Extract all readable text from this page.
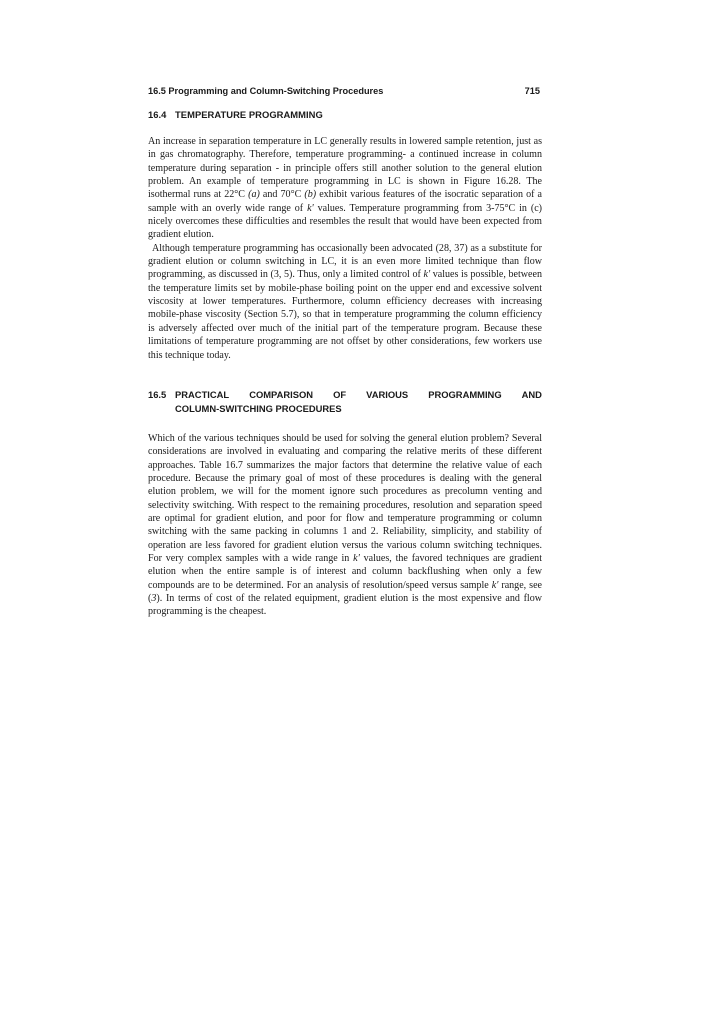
16.5 Programming and Column-Switching Procedures	715
16.4 TEMPERATURE PROGRAMMING

An increase in separation temperature in LC generally results in lowered sample retention, just as in gas chromatography. Therefore, temperature programming- a continued increase in column temperature during separation - in principle offers still another solution to the general elution problem. An example of temperature programming in LC is shown in Figure 16.28. The isothermal runs at 22°C (a) and 70°C (b) exhibit various features of the isocratic separation of a sample with an overly wide range of k' values. Temperature programming from 3-75°C in (c) nicely overcomes these difficulties and resembles the result that would have been expected from gradient elution.

Although temperature programming has occasionally been advocated (28, 37) as a substitute for gradient elution or column switching in LC, it is an even more limited technique than flow programming, as discussed in (3, 5). Thus, only a limited control of k' values is possible, between the temperature limits set by mobile-phase boiling point on the upper end and excessive solvent viscosity at lower temperatures. Furthermore, column efficiency decreases with increasing mobile-phase viscosity (Section 5.7), so that in temperature programming the column efficiency is adversely affected over much of the initial part of the temperature program. Because these limitations of temperature programming are not offset by other considerations, few workers use this technique today.

16.5 PRACTICAL COMPARISON OF VARIOUS PROGRAMMING AND
COLUMN-SWITCHING PROCEDURES

Which of the various techniques should be used for solving the general elution problem? Several considerations are involved in evaluating and comparing the relative merits of these different approaches. Table 16.7 summarizes the major factors that determine the relative value of each procedure. Because the primary goal of most of these procedures is dealing with the general elution problem, we will for the moment ignore such procedures as precolumn venting and selectivity switching. With respect to the remaining procedures, resolution and separation speed are optimal for gradient elution, and poor for flow and temperature programming or column switching with the same packing in columns 1 and 2. Reliability, simplicity, and stability of operation are less favored for gradient elution versus the various column switching techniques. For very complex samples with a wide range in k' values, the favored techniques are gradient elution when the entire sample is of interest and column backflushing when only a few compounds are to be determined. For an analysis of resolution/speed versus sample k' range, see (3). In terms of cost of the related equipment, gradient elution is the most expensive and flow programming is the cheapest.
